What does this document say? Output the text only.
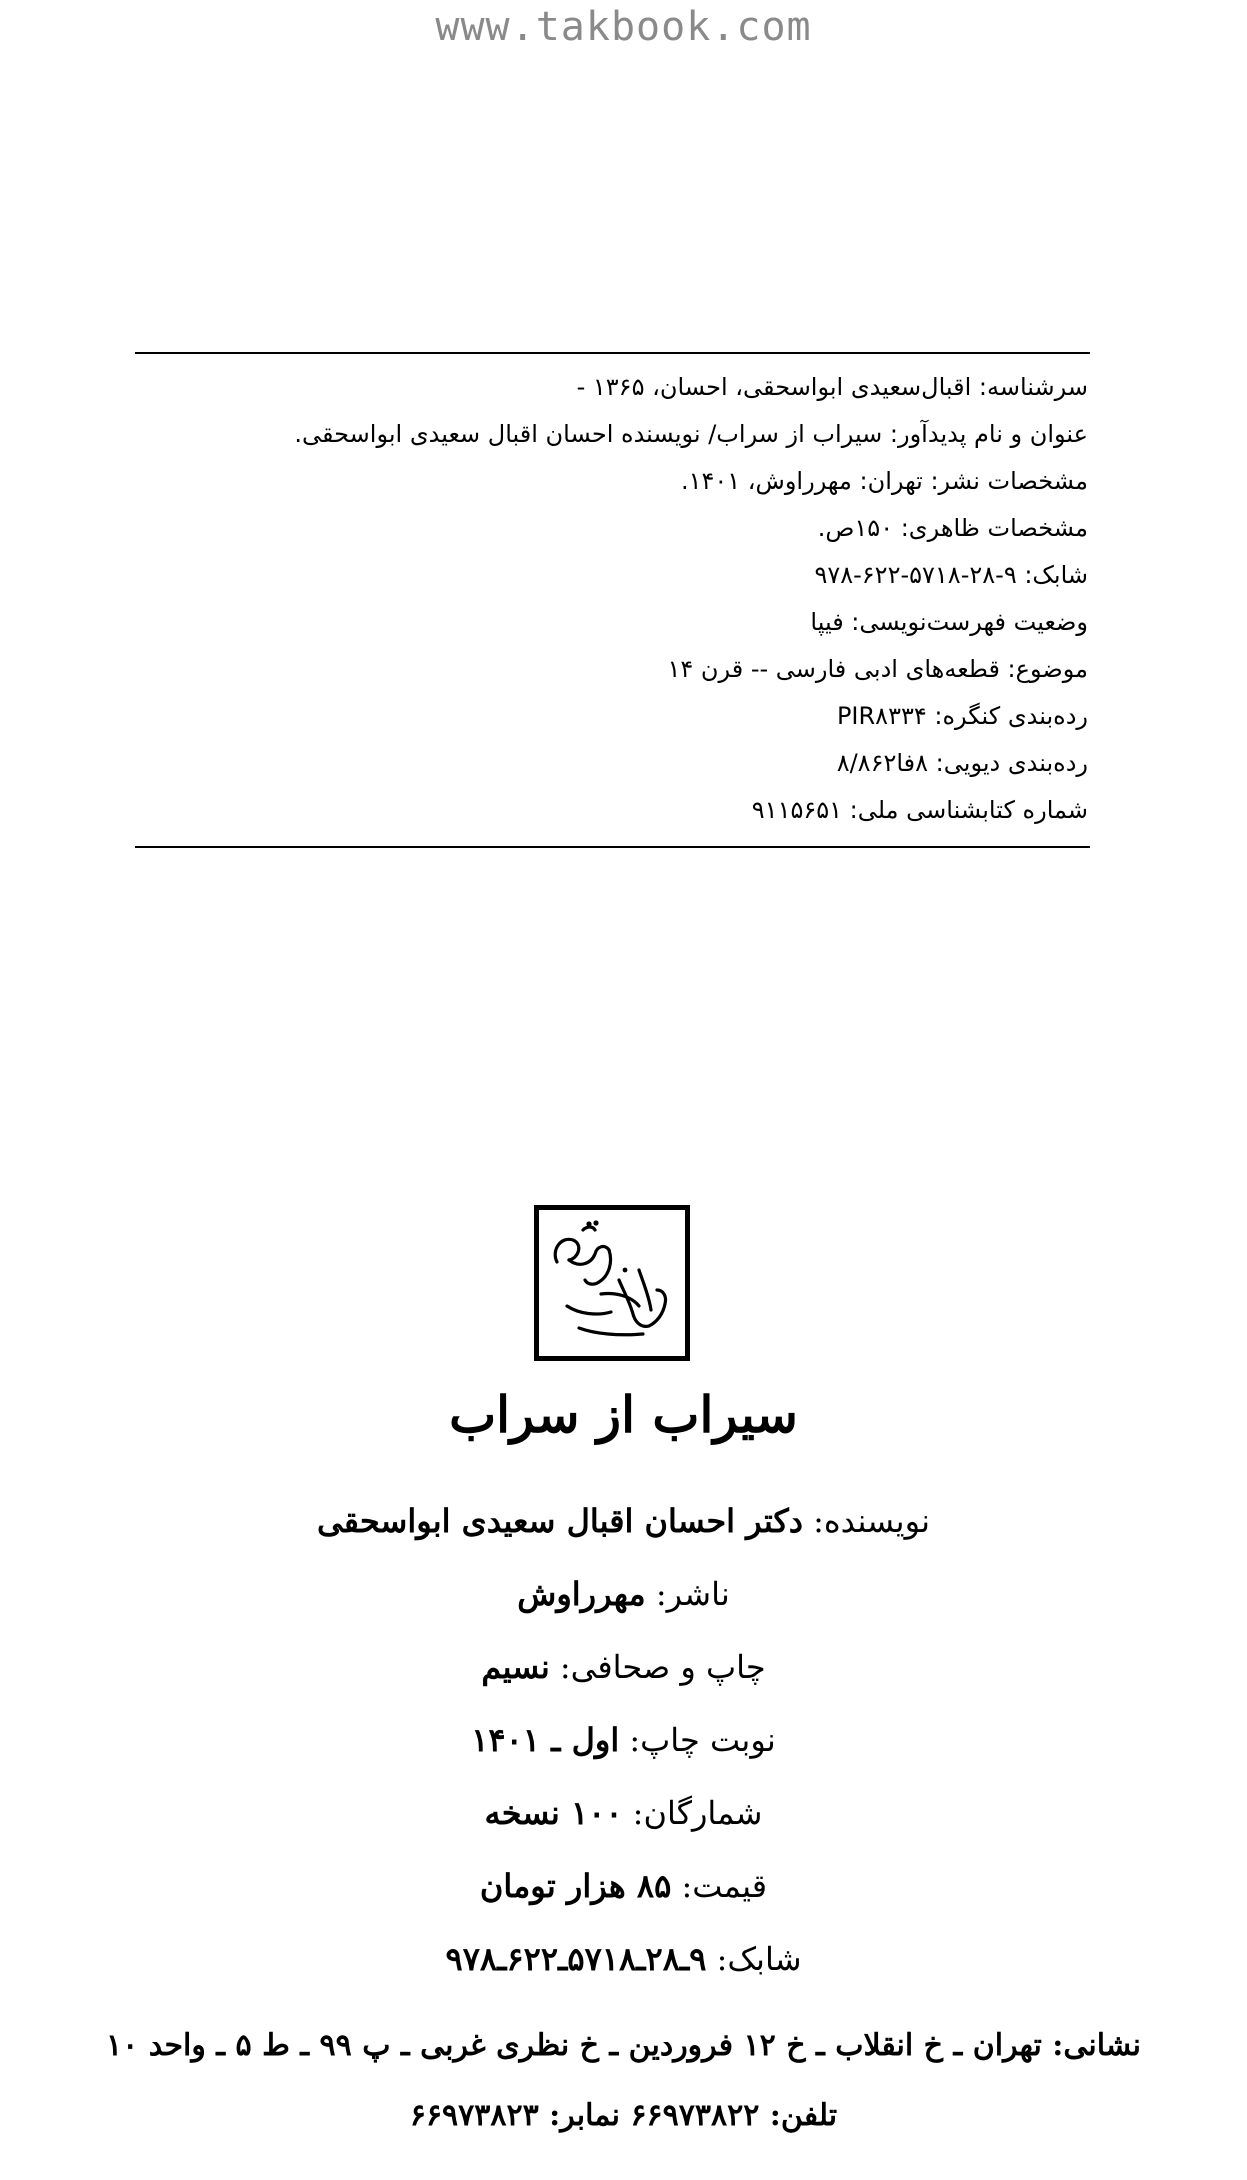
www.takbook.com
سرشناسه: اقبال‌سعیدی ابواسحقی، احسان، ۱۳۶۵ -
عنوان و نام پدیدآور: سیراب از سراب/ نویسنده احسان اقبال سعیدی ابواسحقی.
مشخصات نشر: تهران: مهرراوش، ۱۴۰۱.
مشخصات ظاهری: ۱۵۰ص.
شابک: ۹-۲۸-۵۷۱۸-۶۲۲-۹۷۸
وضعیت فهرست‌نویسی: فیپا
موضوع: قطعه‌های ادبی فارسی -- قرن ۱۴
رده‌بندی کنگره: PIR۸۳۳۴
رده‌بندی دیویی: ۸فا۸/۸۶۲
شماره کتابشناسی ملی: ۹۱۱۵۶۵۱
سیراب از سراب
نویسنده: دکتر احسان اقبال سعیدی ابواسحقی
ناشر: مهرراوش
چاپ و صحافی: نسیم
نوبت چاپ: اول ـ ۱۴۰۱
شمارگان: ۱۰۰ نسخه
قیمت: ۸۵ هزار تومان
شابک: ۹ـ۲۸ـ۵۷۱۸ـ۶۲۲ـ۹۷۸
نشانی: تهران ـ خ انقلاب ـ خ ۱۲ فروردین ـ خ نظری غربی ـ پ ۹۹ ـ ط ۵ ـ واحد ۱۰
تلفن: ۶۶۹۷۳۸۲۲ نمابر: ۶۶۹۷۳۸۲۳
